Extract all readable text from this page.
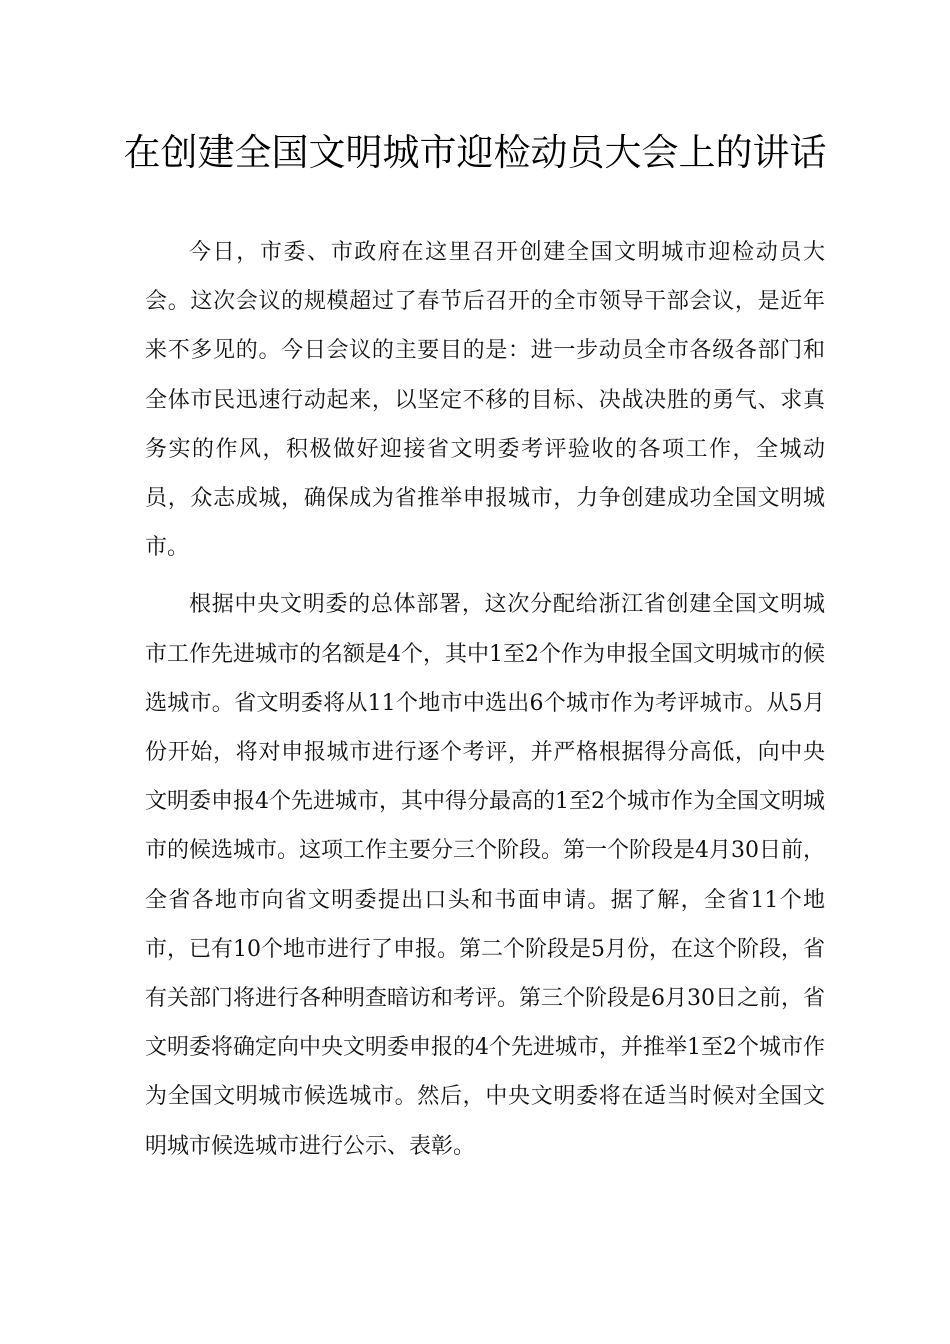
在创建全国文明城市迎检动员大会上的讲话

今日，市委、市政府在这里召开创建全国文明城市迎检动员大会。这次会议的规模超过了春节后召开的全市领导干部会议，是近年来不多见的。今日会议的主要目的是：进一步动员全市各级各部门和全体市民迅速行动起来，以坚定不移的目标、决战决胜的勇气、求真务实的作风，积极做好迎接省文明委考评验收的各项工作，全城动员，众志成城，确保成为省推举申报城市，力争创建成功全国文明城市。

根据中央文明委的总体部署，这次分配给浙江省创建全国文明城市工作先进城市的名额是4个，其中1至2个作为申报全国文明城市的候选城市。省文明委将从11个地市中选出6个城市作为考评城市。从5月份开始，将对申报城市进行逐个考评，并严格根据得分高低，向中央文明委申报4个先进城市，其中得分最高的1至2个城市作为全国文明城市的候选城市。这项工作主要分三个阶段。第一个阶段是4月30日前，全省各地市向省文明委提出口头和书面申请。据了解，全省11个地市，已有10个地市进行了申报。第二个阶段是5月份，在这个阶段，省有关部门将进行各种明查暗访和考评。第三个阶段是6月30日之前，省文明委将确定向中央文明委申报的4个先进城市，并推举1至2个城市作为全国文明城市候选城市。然后，中央文明委将在适当时候对全国文明城市候选城市进行公示、表彰。
